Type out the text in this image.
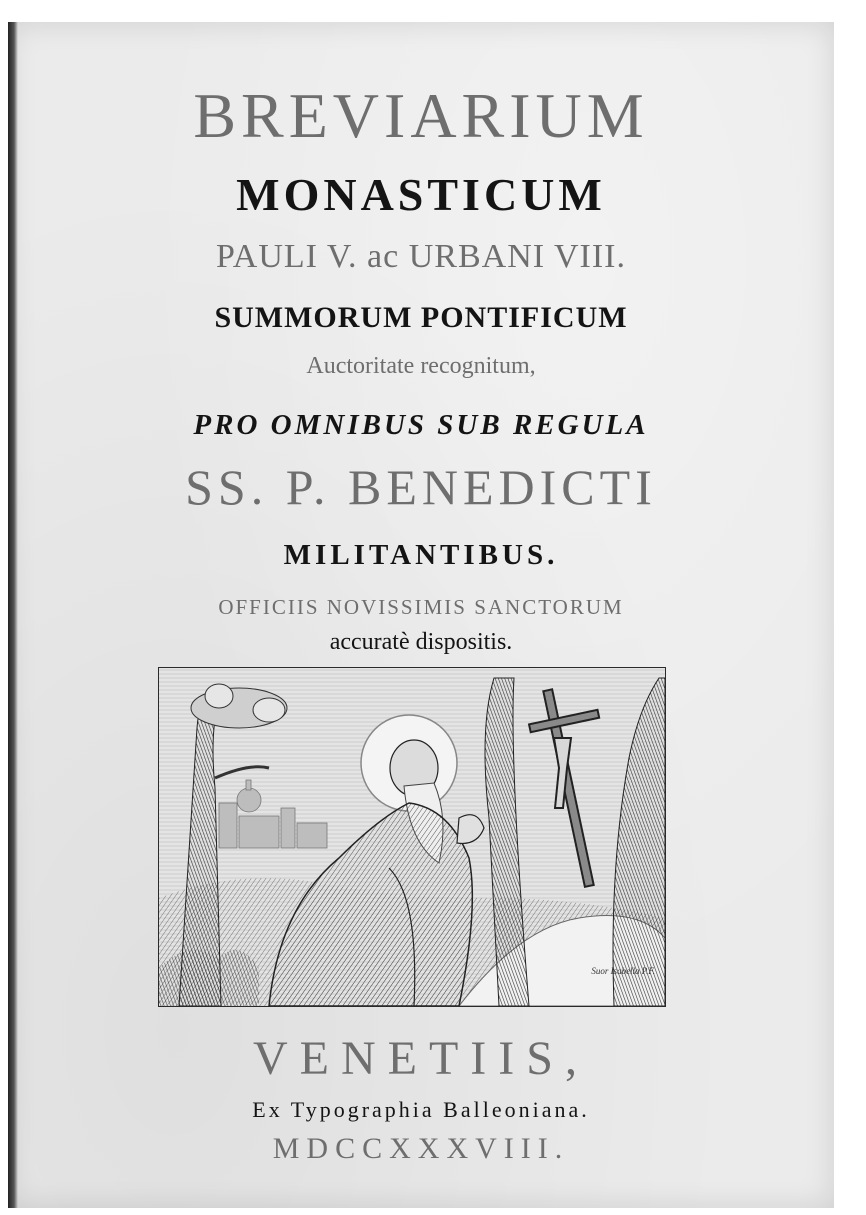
BREVIARIUM
MONASTICUM
PAULI V. ac URBANI VIII.
SUMMORUM PONTIFICUM
Auctoritate recognitum,
PRO OMNIBUS SUB REGULA
SS. P. BENEDICTI
MILITANTIBUS.
OFFICIIS NOVISSIMIS SANCTORUM
accuratè dispositis.
Suor Isabella P.F.
VENETIIS,
Ex Typographia Balleoniana.
MDCCXXXVIII.
